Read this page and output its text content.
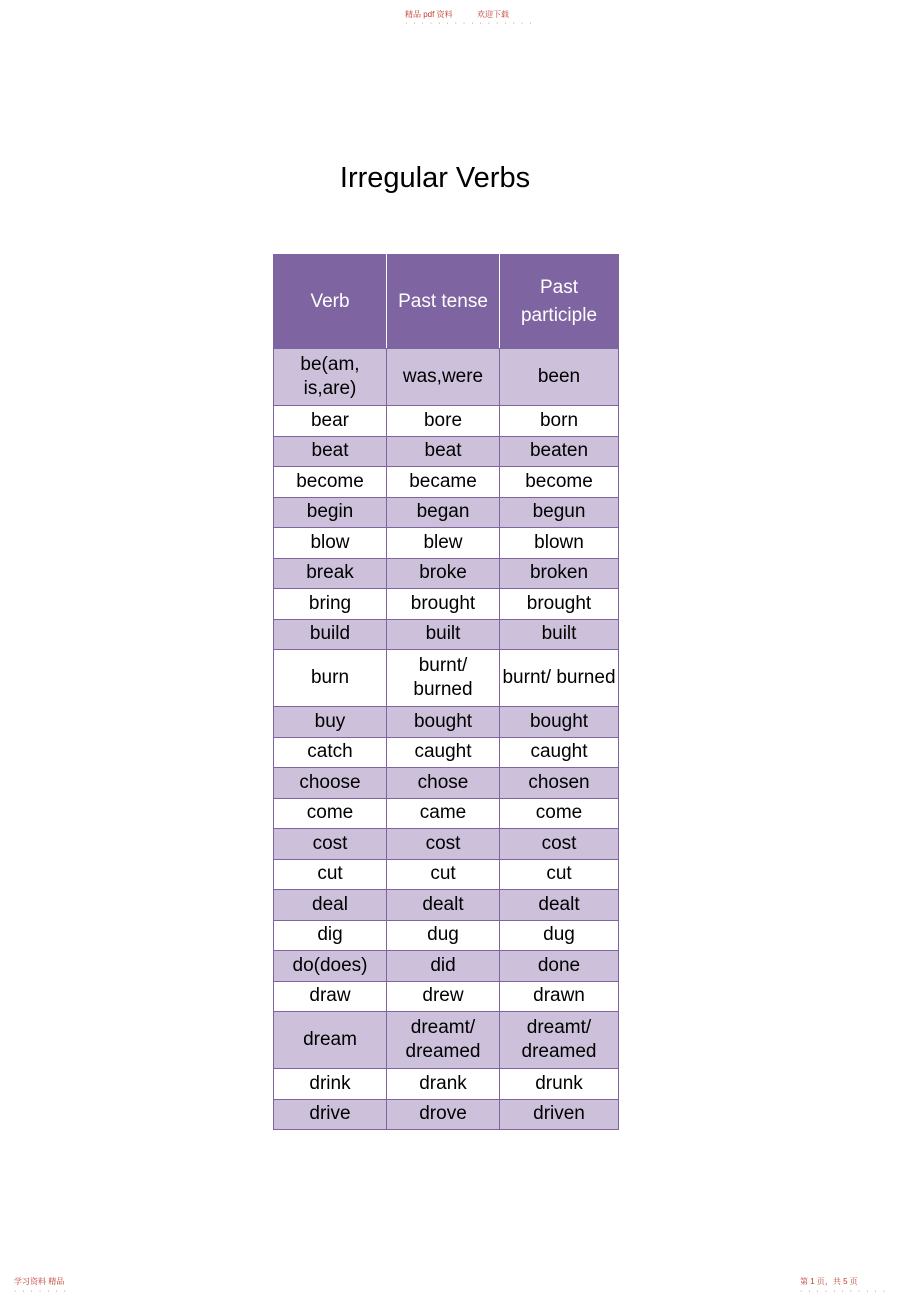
精品 pdf 资料	欢迎下载
· · · · · · · · · · · · · · · ·
Irregular Verbs
Verb	Past tense	Past participle
be(am, is,are)	was,were	been
bear	bore	born
beat	beat	beaten
become	became	become
begin	began	begun
blow	blew	blown
break	broke	broken
bring	brought	brought
build	built	built
burn	burnt/ burned	burnt/ burned
buy	bought	bought
catch	caught	caught
choose	chose	chosen
come	came	come
cost	cost	cost
cut	cut	cut
deal	dealt	dealt
dig	dug	dug
do(does)	did	done
draw	drew	drawn
dream	dreamt/ dreamed	dreamt/ dreamed
drink	drank	drunk
drive	drove	driven
学习资料 精品
· · · · · · ·
第 1 页，共 5 页
· · · · · · · · · · ·
